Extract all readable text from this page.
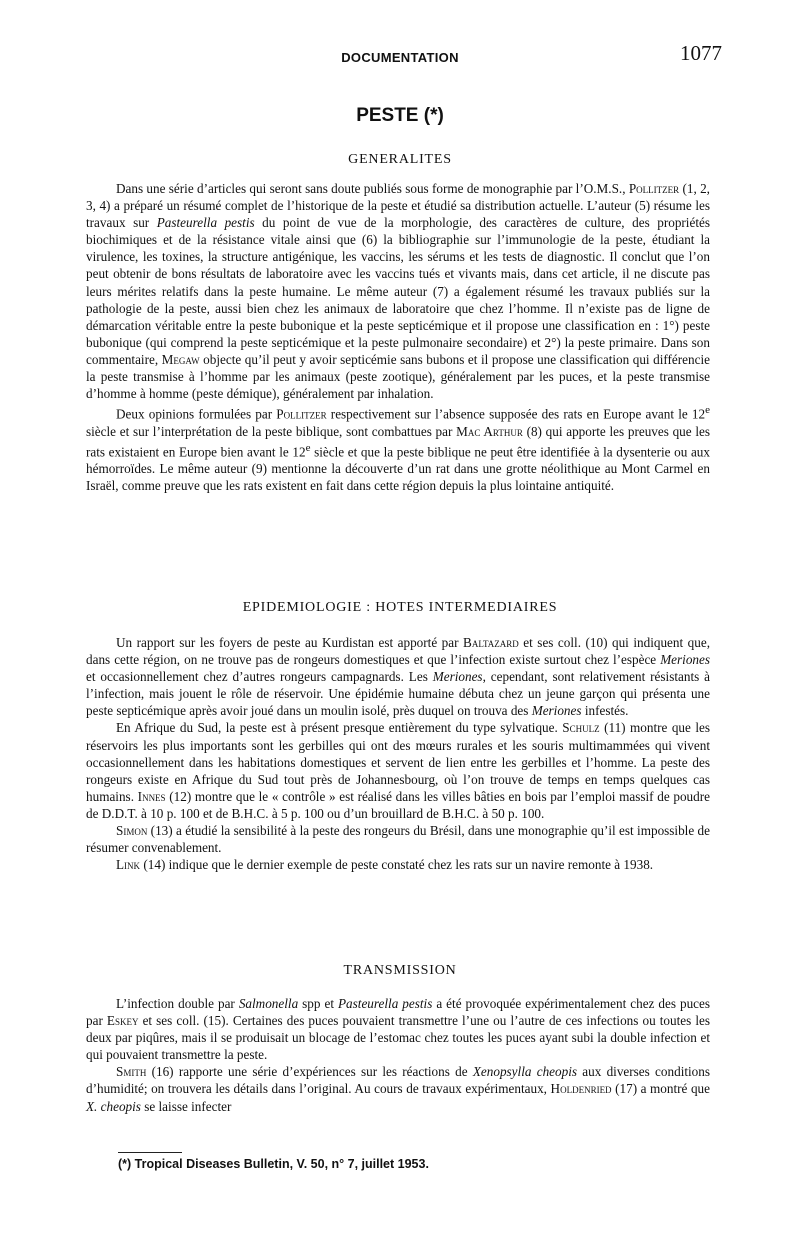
DOCUMENTATION	1077
PESTE (*)
GENERALITES

Dans une série d’articles qui seront sans doute publiés sous forme de monographie par l’O.M.S., Pollitzer (1, 2, 3, 4) a préparé un résumé complet de l’historique de la peste et étudié sa distribution actuelle. L’auteur (5) résume les travaux sur Pasteurella pestis du point de vue de la morphologie, des caractères de culture, des propriétés biochimiques et de la résistance vitale ainsi que (6) la bibliographie sur l’immunologie de la peste, étudiant la virulence, les toxines, la structure antigénique, les vaccins, les sérums et les tests de diagnostic. Il conclut que l’on peut obtenir de bons résultats de laboratoire avec les vaccins tués et vivants mais, dans cet article, il ne discute pas leurs mérites relatifs dans la peste humaine. Le même auteur (7) a également résumé les travaux publiés sur la pathologie de la peste, aussi bien chez les animaux de laboratoire que chez l’homme. Il n’existe pas de ligne de démarcation véritable entre la peste bubonique et la peste septicémique et il propose une classification en : 1°) peste bubonique (qui comprend la peste septicémique et la peste pulmonaire secondaire) et 2°) la peste primaire. Dans son commentaire, Megaw objecte qu’il peut y avoir septicémie sans bubons et il propose une classification qui différencie la peste transmise à l’homme par les animaux (peste zootique), généralement par les puces, et la peste transmise d’homme à homme (peste démique), généralement par inhalation.

Deux opinions formulées par Pollitzer respectivement sur l’absence supposée des rats en Europe avant le 12e siècle et sur l’interprétation de la peste biblique, sont combattues par Mac Arthur (8) qui apporte les preuves que les rats existaient en Europe bien avant le 12e siècle et que la peste biblique ne peut être identifiée à la dysenterie ou aux hémorroïdes. Le même auteur (9) mentionne la découverte d’un rat dans une grotte néolithique au Mont Carmel en Israël, comme preuve que les rats existent en fait dans cette région depuis la plus lointaine antiquité.

EPIDEMIOLOGIE : HOTES INTERMEDIAIRES

Un rapport sur les foyers de peste au Kurdistan est apporté par Baltazard et ses coll. (10) qui indiquent que, dans cette région, on ne trouve pas de rongeurs domestiques et que l’infection existe surtout chez l’espèce Meriones et occasionnellement chez d’autres rongeurs campagnards. Les Meriones, cependant, sont relativement résistants à l’infection, mais jouent le rôle de réservoir. Une épidémie humaine débuta chez un jeune garçon qui présenta une peste septicémique après avoir joué dans un moulin isolé, près duquel on trouva des Meriones infestés.

En Afrique du Sud, la peste est à présent presque entièrement du type sylvatique. Schulz (11) montre que les réservoirs les plus importants sont les gerbilles qui ont des mœurs rurales et les souris multimammées qui vivent occasionnellement dans les habitations domestiques et servent de lien entre les gerbilles et l’homme. La peste des rongeurs existe en Afrique du Sud tout près de Johannesbourg, où l’on trouve de temps en temps quelques cas humains. Innes (12) montre que le « contrôle » est réalisé dans les villes bâties en bois par l’emploi massif de poudre de D.D.T. à 10 p. 100 et de B.H.C. à 5 p. 100 ou d’un brouillard de B.H.C. à 50 p. 100.

Simon (13) a étudié la sensibilité à la peste des rongeurs du Brésil, dans une monographie qu’il est impossible de résumer convenablement.

Link (14) indique que le dernier exemple de peste constaté chez les rats sur un navire remonte à 1938.

TRANSMISSION

L’infection double par Salmonella spp et Pasteurella pestis a été provoquée expérimentalement chez des puces par Eskey et ses coll. (15). Certaines des puces pouvaient transmettre l’une ou l’autre de ces infections ou toutes les deux par piqûres, mais il se produisait un blocage de l’estomac chez toutes les puces ayant subi la double infection et qui pouvaient transmettre la peste.

Smith (16) rapporte une série d’expériences sur les réactions de Xenopsylla cheopis aux diverses conditions d’humidité; on trouvera les détails dans l’original. Au cours de travaux expérimentaux, Holdenried (17) a montré que X. cheopis se laisse infecter

(*) Tropical Diseases Bulletin, V. 50, n° 7, juillet 1953.
